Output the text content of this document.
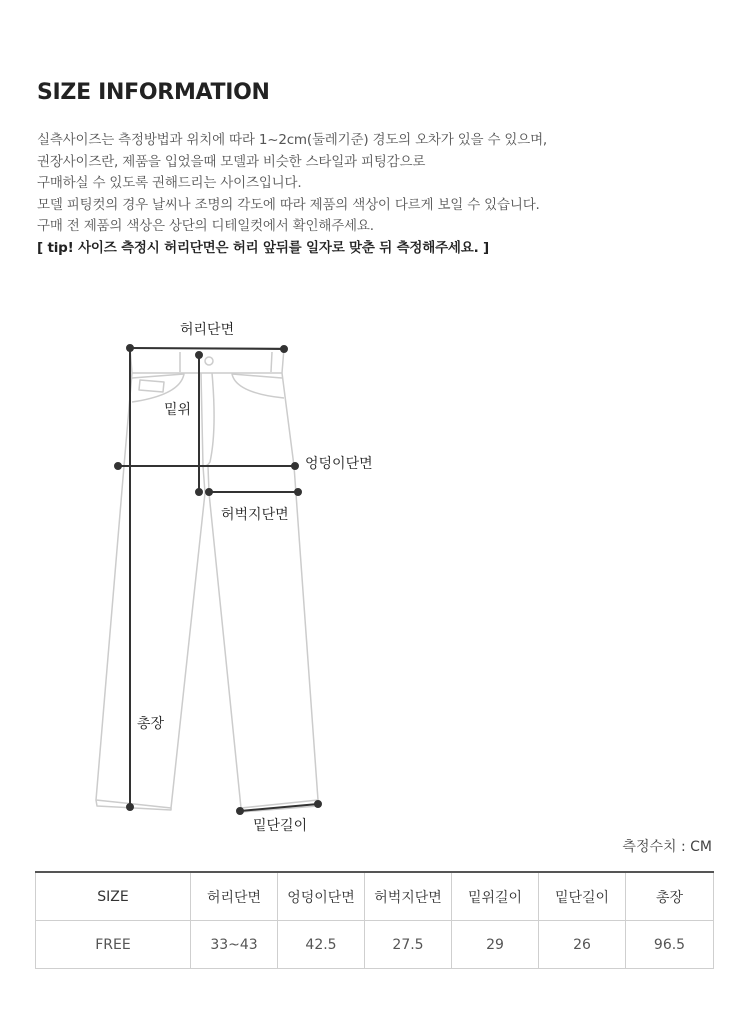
SIZE INFORMATION

실측사이즈는 측정방법과 위치에 따라 1~2cm(둘레기준) 경도의 오차가 있을 수 있으며,

권장사이즈란, 제품을 입었을때 모델과 비슷한 스타일과 피팅감으로

구매하실 수 있도록 권해드리는 사이즈입니다.

모델 피팅컷의 경우 날씨나 조명의 각도에 따라 제품의 색상이 다르게 보일 수 있습니다.

구매 전 제품의 색상은 상단의 디테일컷에서 확인해주세요.

[ tip! 사이즈 측정시 허리단면은 허리 앞뒤를 일자로 맞춘 뒤 측정해주세요. ]

허리단면
밑위
엉덩이단면
허벅지단면
총장
밑단길이
측정수치 : CM
SIZE	허리단면	엉덩이단면	허벅지단면	밑위길이	밑단길이	총장
FREE	33~43	42.5	27.5	29	26	96.5
